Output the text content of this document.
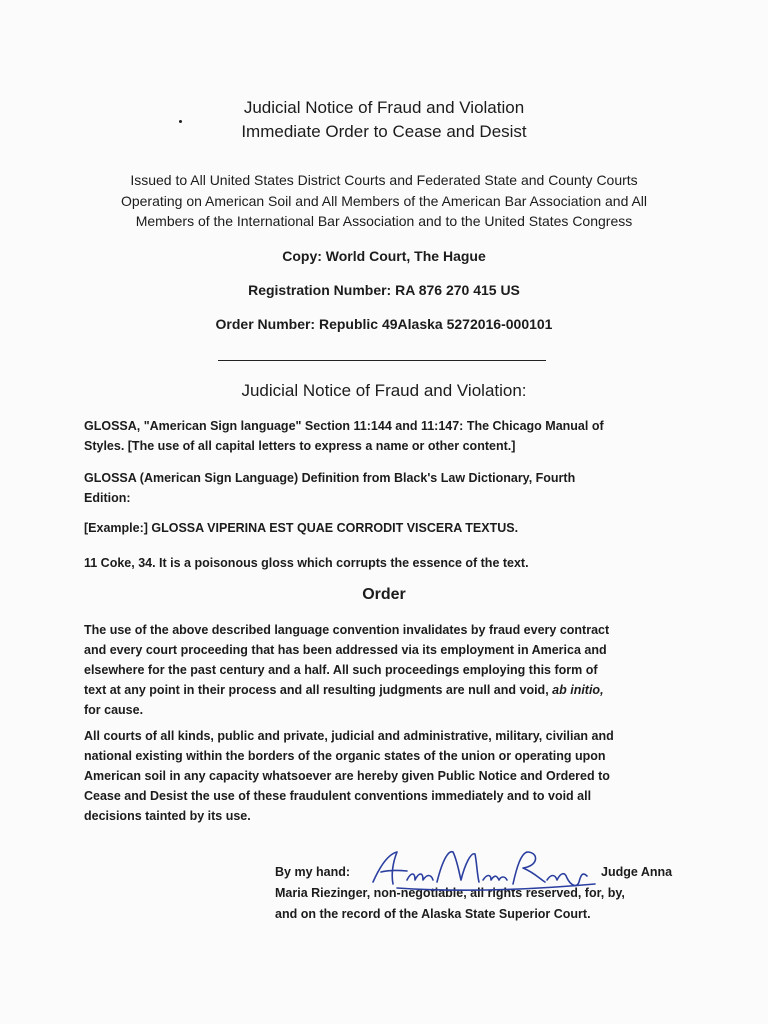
Judicial Notice of Fraud and Violation
Immediate Order to Cease and Desist
Issued to All United States District Courts and Federated State and County Courts
Operating on American Soil and All Members of the American Bar Association and All
Members of the International Bar Association and to the United States Congress
Copy: World Court, The Hague
Registration Number: RA 876 270 415 US
Order Number: Republic 49Alaska 5272016-000101
Judicial Notice of Fraud and Violation:
GLOSSA, "American Sign language" Section 11:144 and 11:147: The Chicago Manual of
Styles. [The use of all capital letters to express a name or other content.]
GLOSSA (American Sign Language) Definition from Black's Law Dictionary, Fourth
Edition:
[Example:] GLOSSA VIPERINA EST QUAE CORRODIT VISCERA TEXTUS.
11 Coke, 34. It is a poisonous gloss which corrupts the essence of the text.
Order
The use of the above described language convention invalidates by fraud every contract
and every court proceeding that has been addressed via its employment in America and
elsewhere for the past century and a half. All such proceedings employing this form of
text at any point in their process and all resulting judgments are null and void, ab initio,
for cause.
All courts of all kinds, public and private, judicial and administrative, military, civilian and
national existing within the borders of the organic states of the union or operating upon
American soil in any capacity whatsoever are hereby given Public Notice and Ordered to
Cease and Desist the use of these fraudulent conventions immediately and to void all
decisions tainted by its use.
By my hand:	Judge Anna
Maria Riezinger, non-negotiable, all rights reserved, for, by,
and on the record of the Alaska State Superior Court.
